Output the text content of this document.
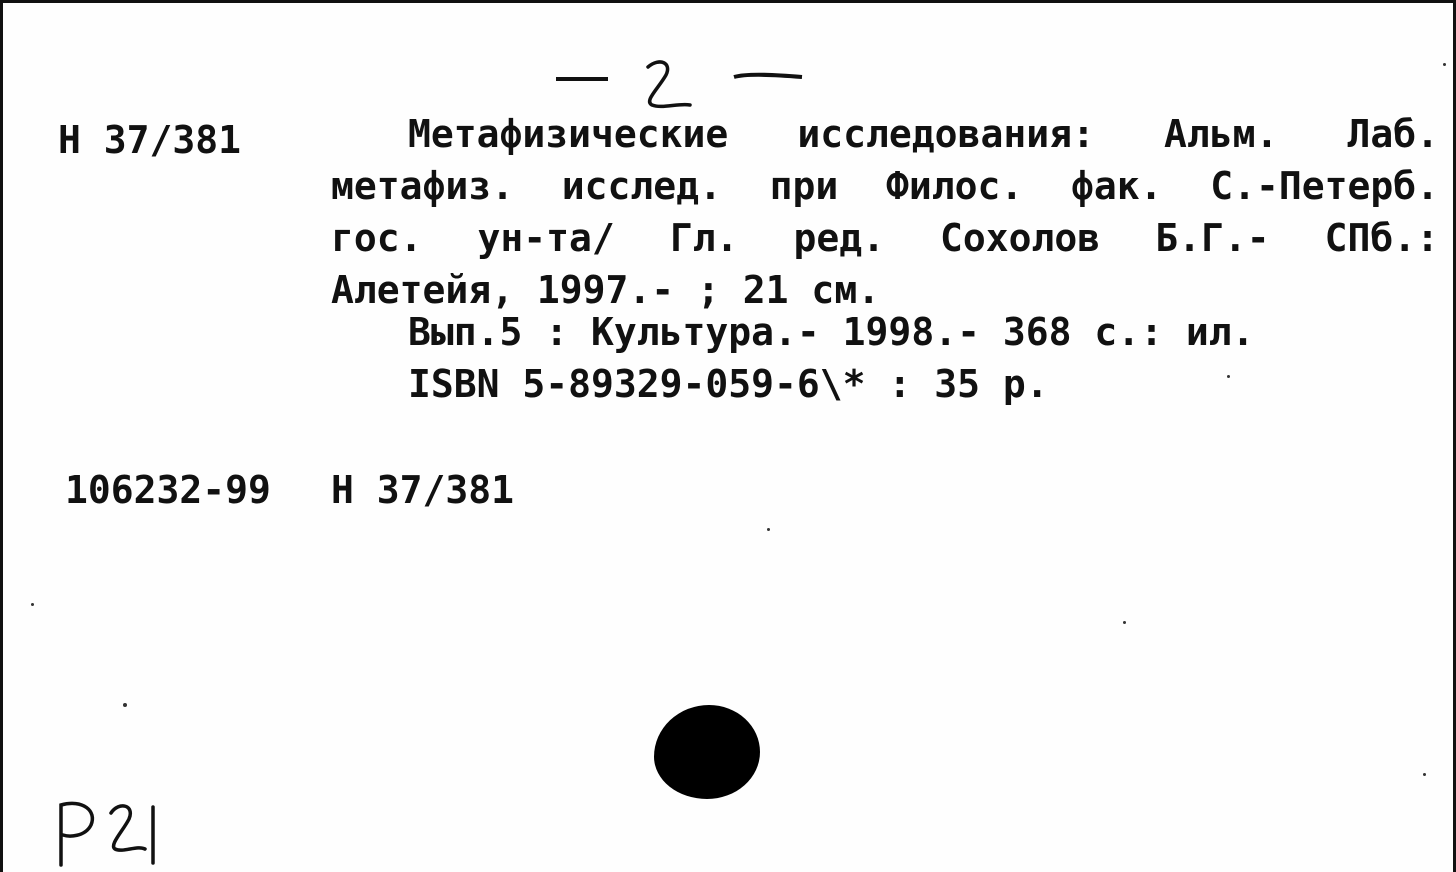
Н 37/381	Метафизические исследования: Альм. Лаб.
метафиз. исслед. при Филос. фак. С.-Петерб.
гос. ун-та/ Гл. ред. Сохолов Б.Г.- СПб.:
Алетейя, 1997.- ; 21 см.
Вып.5 : Культура.- 1998.- 368 с.: ил.
ISBN 5-89329-059-6\* : 35 р.
106232-99 Н 37/381
